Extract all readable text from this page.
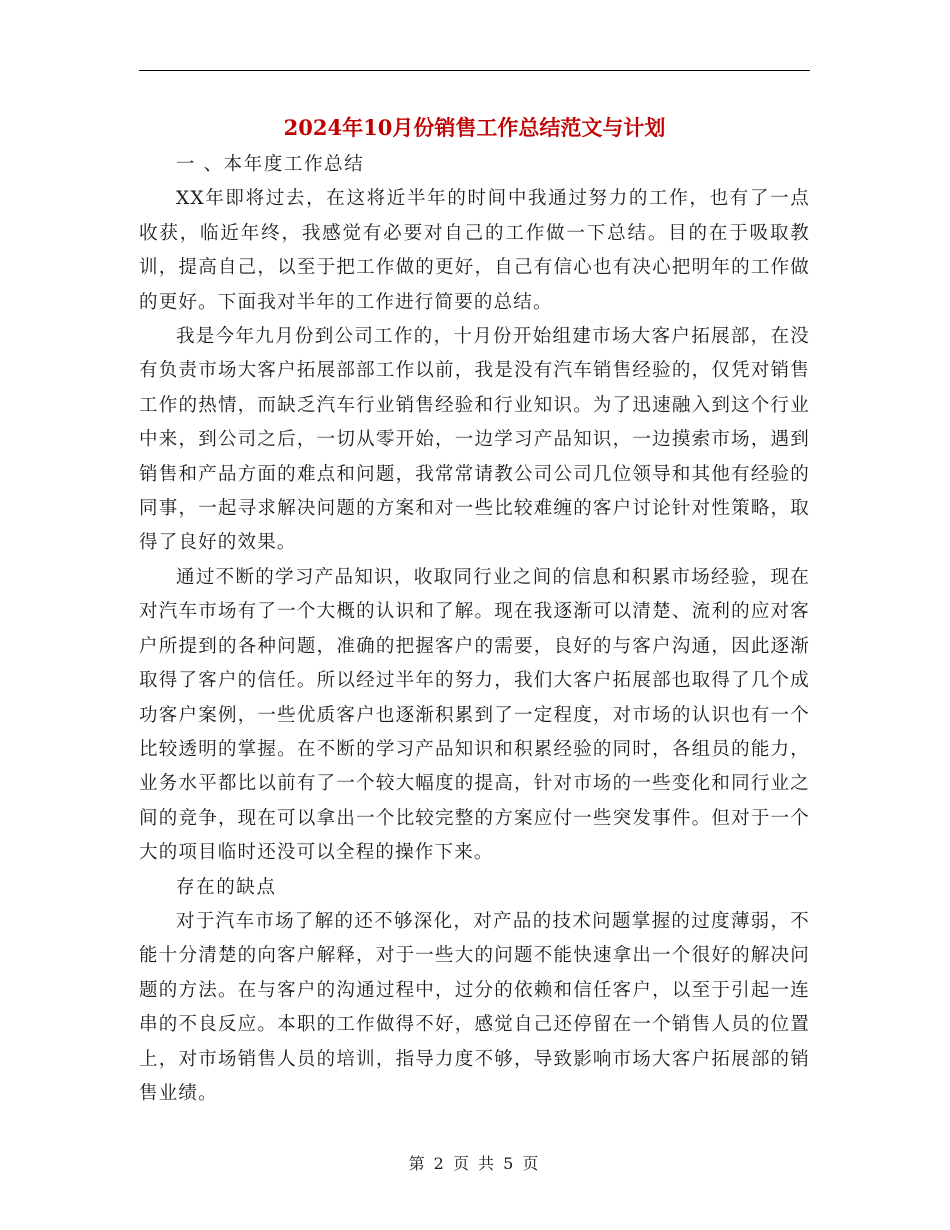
2024年10月份销售工作总结范文与计划

一 、本年度工作总结

XX年即将过去，在这将近半年的时间中我通过努力的工作，也有了一点收获，临近年终，我感觉有必要对自己的工作做一下总结。目的在于吸取教训，提高自己，以至于把工作做的更好，自己有信心也有决心把明年的工作做的更好。下面我对半年的工作进行简要的总结。

我是今年九月份到公司工作的，十月份开始组建市场大客户拓展部，在没有负责市场大客户拓展部部工作以前，我是没有汽车销售经验的，仅凭对销售工作的热情，而缺乏汽车行业销售经验和行业知识。为了迅速融入到这个行业中来，到公司之后，一切从零开始，一边学习产品知识，一边摸索市场，遇到销售和产品方面的难点和问题，我常常请教公司公司几位领导和其他有经验的同事，一起寻求解决问题的方案和对一些比较难缠的客户讨论针对性策略，取得了良好的效果。

通过不断的学习产品知识，收取同行业之间的信息和积累市场经验，现在对汽车市场有了一个大概的认识和了解。现在我逐渐可以清楚、流利的应对客户所提到的各种问题，准确的把握客户的需要，良好的与客户沟通，因此逐渐取得了客户的信任。所以经过半年的努力，我们大客户拓展部也取得了几个成功客户案例，一些优质客户也逐渐积累到了一定程度，对市场的认识也有一个比较透明的掌握。在不断的学习产品知识和积累经验的同时，各组员的能力，业务水平都比以前有了一个较大幅度的提高，针对市场的一些变化和同行业之间的竞争，现在可以拿出一个比较完整的方案应付一些突发事件。但对于一个大的项目临时还没可以全程的操作下来。

存在的缺点

对于汽车市场了解的还不够深化，对产品的技术问题掌握的过度薄弱，不能十分清楚的向客户解释，对于一些大的问题不能快速拿出一个很好的解决问题的方法。在与客户的沟通过程中，过分的依赖和信任客户，以至于引起一连串的不良反应。本职的工作做得不好，感觉自己还停留在一个销售人员的位置上，对市场销售人员的培训，指导力度不够，导致影响市场大客户拓展部的销售业绩。

第 2 页 共 5 页
